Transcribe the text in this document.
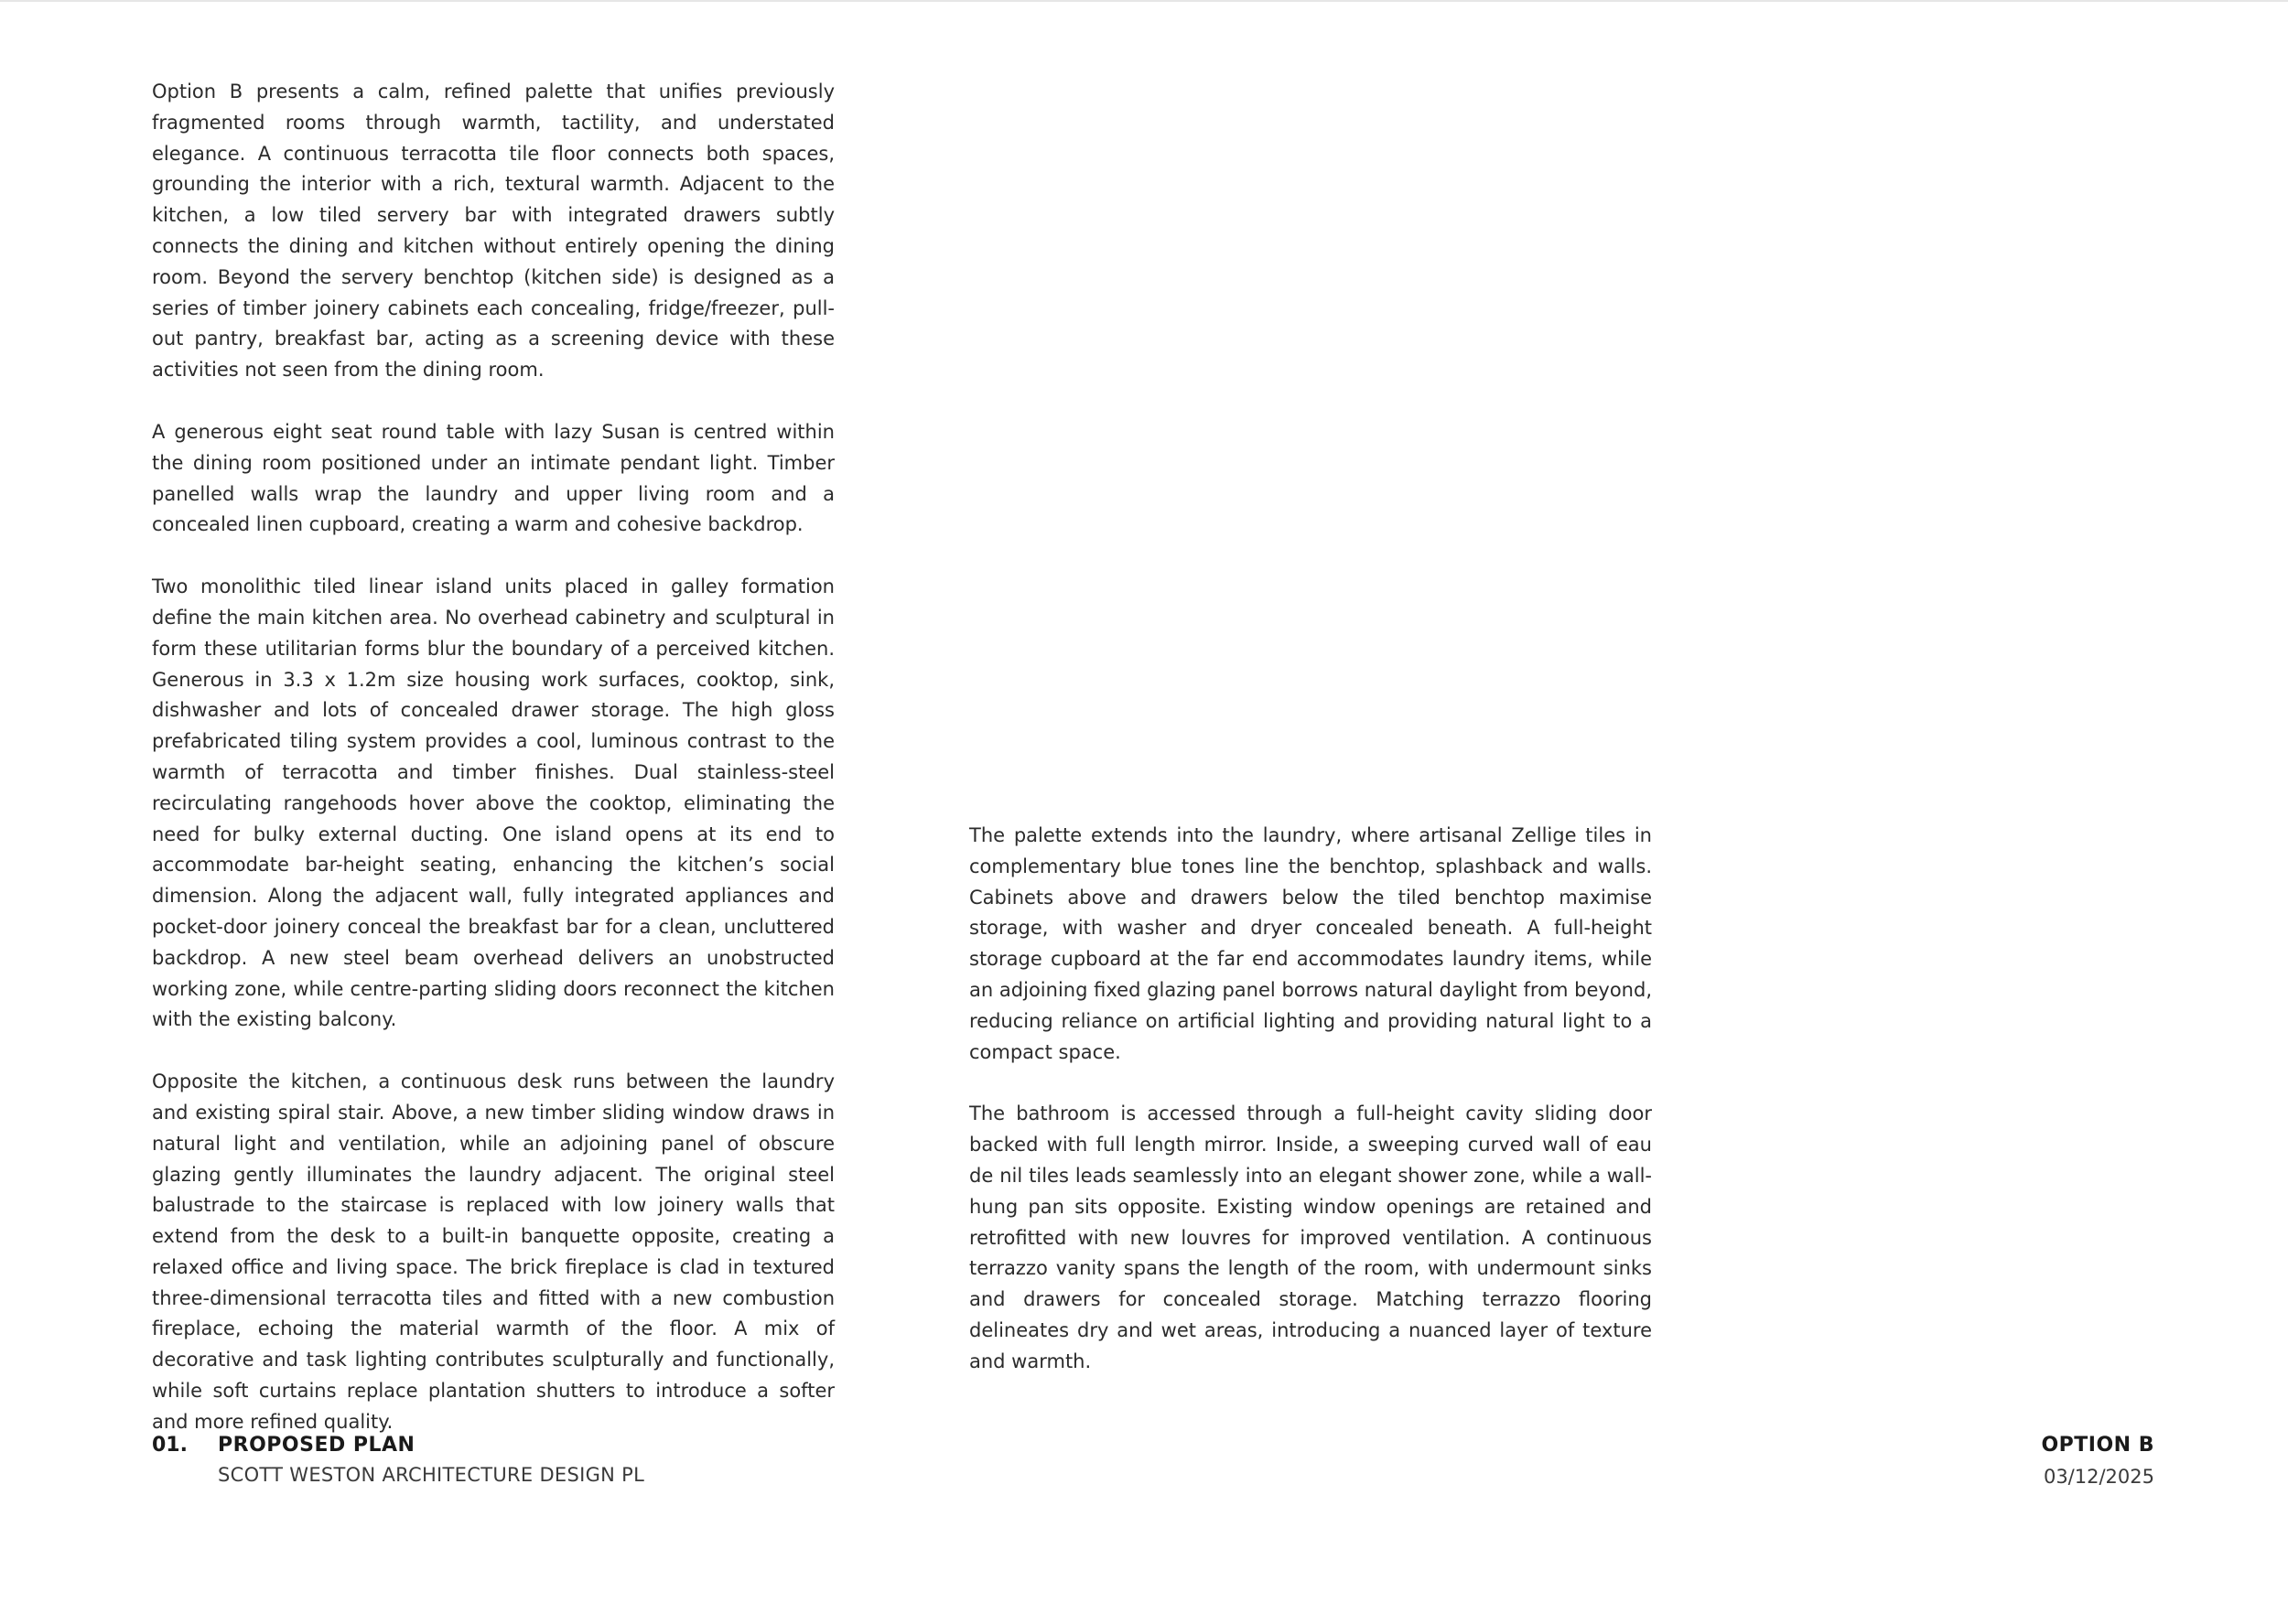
Option B presents a calm, refined palette that unifies previously fragmented rooms through warmth, tactility, and understated elegance. A continuous terracotta tile floor connects both spaces, grounding the interior with a rich, textural warmth. Adjacent to the kitchen, a low tiled servery bar with integrated drawers subtly connects the dining and kitchen without entirely opening the dining room. Beyond the servery benchtop (kitchen side) is designed as a series of timber joinery cabinets each concealing, fridge/freezer, pull-out pantry, breakfast bar, acting as a screening device with these activities not seen from the dining room.

A generous eight seat round table with lazy Susan is centred within the dining room positioned under an intimate pendant light. Timber panelled walls wrap the laundry and upper living room and a concealed linen cupboard, creating a warm and cohesive backdrop.

Two monolithic tiled linear island units placed in galley formation define the main kitchen area. No overhead cabinetry and sculptural in form these utilitarian forms blur the boundary of a perceived kitchen. Generous in 3.3 x 1.2m size housing work surfaces, cooktop, sink, dishwasher and lots of concealed drawer storage. The high gloss prefabricated tiling system provides a cool, luminous contrast to the warmth of terracotta and timber finishes. Dual stainless-steel recirculating rangehoods hover above the cooktop, eliminating the need for bulky external ducting. One island opens at its end to accommodate bar-height seating, enhancing the kitchen’s social dimension. Along the adjacent wall, fully integrated appliances and pocket-door joinery conceal the breakfast bar for a clean, uncluttered backdrop. A new steel beam overhead delivers an unobstructed working zone, while centre-parting sliding doors reconnect the kitchen with the existing balcony.

Opposite the kitchen, a continuous desk runs between the laundry and existing spiral stair. Above, a new timber sliding window draws in natural light and ventilation, while an adjoining panel of obscure glazing gently illuminates the laundry adjacent. The original steel balustrade to the staircase is replaced with low joinery walls that extend from the desk to a built-in banquette opposite, creating a relaxed office and living space. The brick fireplace is clad in textured three-dimensional terracotta tiles and fitted with a new combustion fireplace, echoing the material warmth of the floor. A mix of decorative and task lighting contributes sculpturally and functionally, while soft curtains replace plantation shutters to introduce a softer and more refined quality.

The palette extends into the laundry, where artisanal Zellige tiles in complementary blue tones line the benchtop, splashback and walls. Cabinets above and drawers below the tiled benchtop maximise storage, with washer and dryer concealed beneath. A full-height storage cupboard at the far end accommodates laundry items, while an adjoining fixed glazing panel borrows natural daylight from beyond, reducing reliance on artificial lighting and providing natural light to a compact space.

The bathroom is accessed through a full-height cavity sliding door backed with full length mirror. Inside, a sweeping curved wall of eau de nil tiles leads seamlessly into an elegant shower zone, while a wall-hung pan sits opposite. Existing window openings are retained and retrofitted with new louvres for improved ventilation. A continuous terrazzo vanity spans the length of the room, with undermount sinks and drawers for concealed storage. Matching terrazzo flooring delineates dry and wet areas, introducing a nuanced layer of texture and warmth.

01. PROPOSED PLAN
SCOTT WESTON ARCHITECTURE DESIGN PL
OPTION B
03/12/2025
